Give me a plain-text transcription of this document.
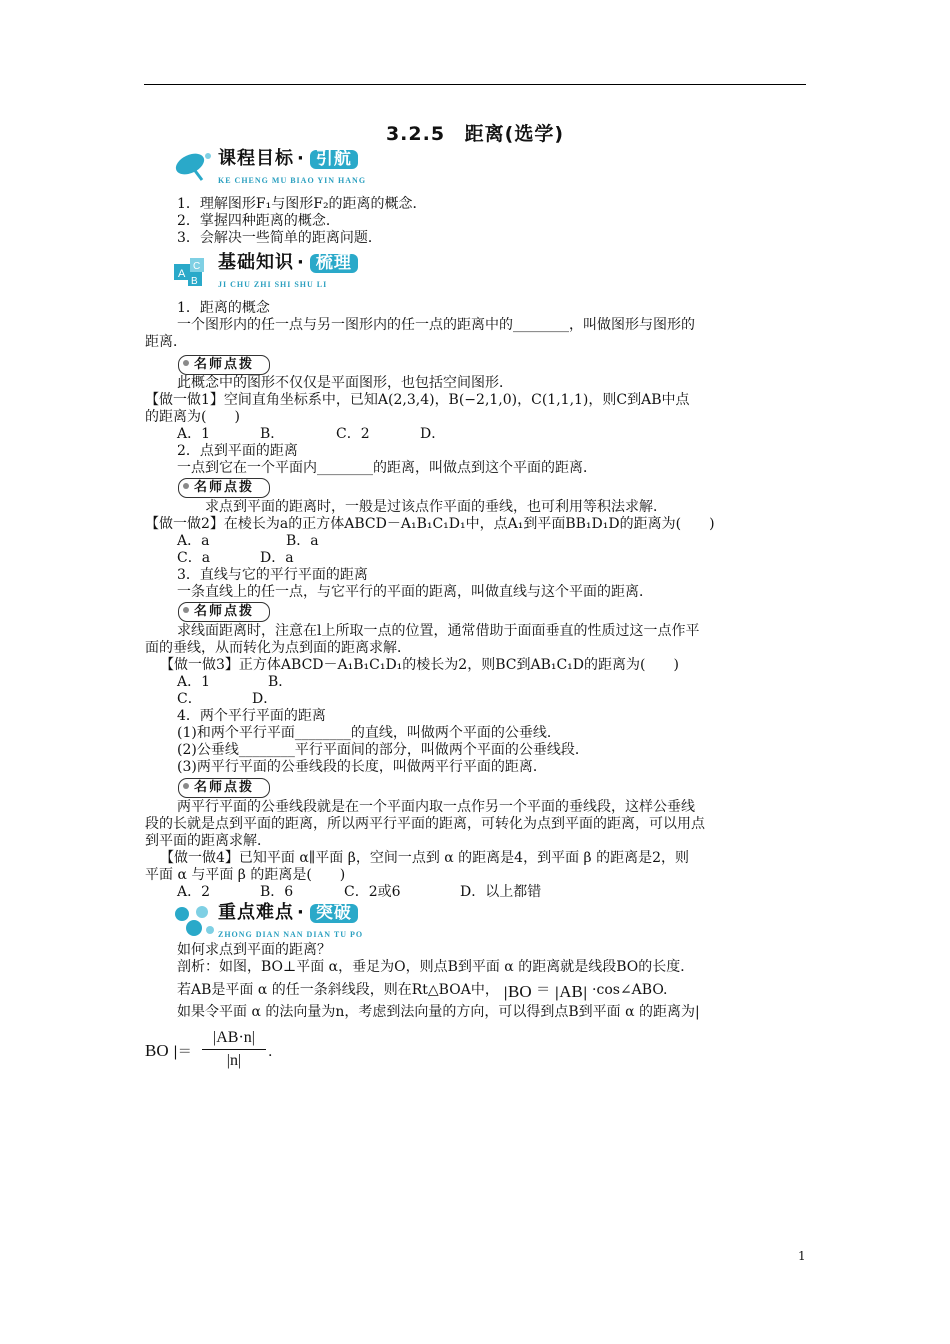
3.2.5 距离(选学)
课程目标 · 引航
KE CHENG MU BIAO YIN HANG
1．理解图形F₁与图形F₂的距离的概念．
2．掌握四种距离的概念．
3．会解决一些简单的距离问题．
A
C
B
基础知识 · 梳理
JI CHU ZHI SHI SHU LI
1．距离的概念
一个图形内的任一点与另一图形内的任一点的距离中的________，叫做图形与图形的
距离．
名师点拨
此概念中的图形不仅仅是平面图形，也包括空间图形．
【做一做1】空间直角坐标系中，已知A(2,3,4)，B(−2,1,0)，C(1,1,1)，则C到AB中点
的距离为(　　)
A．1	B．	C．2	D．
2．点到平面的距离
一点到它在一个平面内________的距离，叫做点到这个平面的距离．
名师点拨
求点到平面的距离时，一般是过该点作平面的垂线，也可利用等积法求解．
【做一做2】在棱长为a的正方体ABCD－A₁B₁C₁D₁中，点A₁到平面BB₁D₁D的距离为(　　)
A．a	B．a
C．a	D．a
3．直线与它的平行平面的距离
一条直线上的任一点，与它平行的平面的距离，叫做直线与这个平面的距离．
名师点拨
求线面距离时，注意在l上所取一点的位置，通常借助于面面垂直的性质过这一点作平
面的垂线，从而转化为点到面的距离求解．
【做一做3】正方体ABCD－A₁B₁C₁D₁的棱长为2，则BC到AB₁C₁D的距离为(　　)
A．1	B．
C．	D．
4．两个平行平面的距离
(1)和两个平行平面________的直线，叫做两个平面的公垂线．
(2)公垂线________平行平面间的部分，叫做两个平面的公垂线段．
(3)两平行平面的公垂线段的长度，叫做两平行平面的距离．
名师点拨
两平行平面的公垂线段就是在一个平面内取一点作另一个平面的垂线段，这样公垂线
段的长就是点到平面的距离，所以两平行平面的距离，可转化为点到平面的距离，可以用点
到平面的距离求解．
【做一做4】已知平面 α∥平面 β，空间一点到 α 的距离是4，到平面 β 的距离是2，则
平面 α 与平面 β 的距离是(　　)
A．2	B．6	C．2或6	D．以上都错
重点难点 · 突破
ZHONG DIAN NAN DIAN TU PO
如何求点到平面的距离？
剖析：如图，BO⊥平面 α，垂足为O，则点B到平面 α 的距离就是线段BO的长度．
若AB是平面 α 的任一条斜线段，则在Rt△BOA中， |BO ＝ |AB| ·cos∠ABO.
如果令平面 α 的法向量为n，考虑到法向量的方向，可以得到点B到平面 α 的距离为|
BO |＝
|AB·n|
|n|	.
1
